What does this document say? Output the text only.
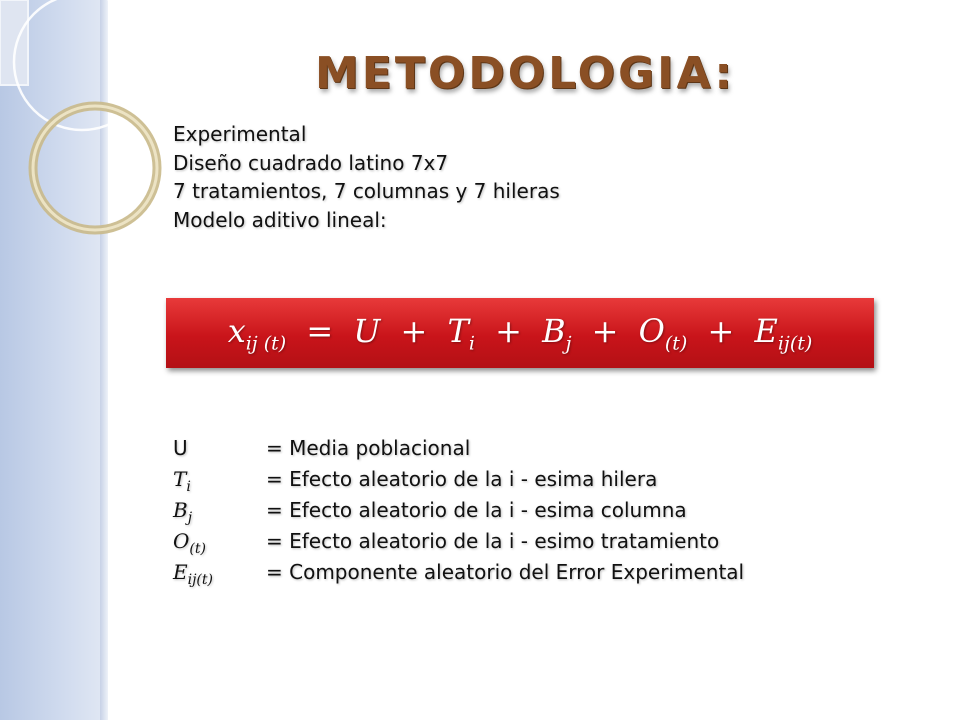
METODOLOGIA:
Experimental
Diseño cuadrado latino 7x7
7 tratamientos, 7 columnas y 7 hileras
Modelo aditivo lineal:
$x_{ij (t)} = U + T_i + B_j + O_{(t)} + E_{ij(t)}$
U	= Media poblacional
$T_i$	= Efecto aleatorio de la i - esima hilera
$B_j$	= Efecto aleatorio de la i - esima columna
$O_{(t)}$	= Efecto aleatorio de la i - esimo tratamiento
$E_{ij(t)}$	= Componente aleatorio del Error Experimental
